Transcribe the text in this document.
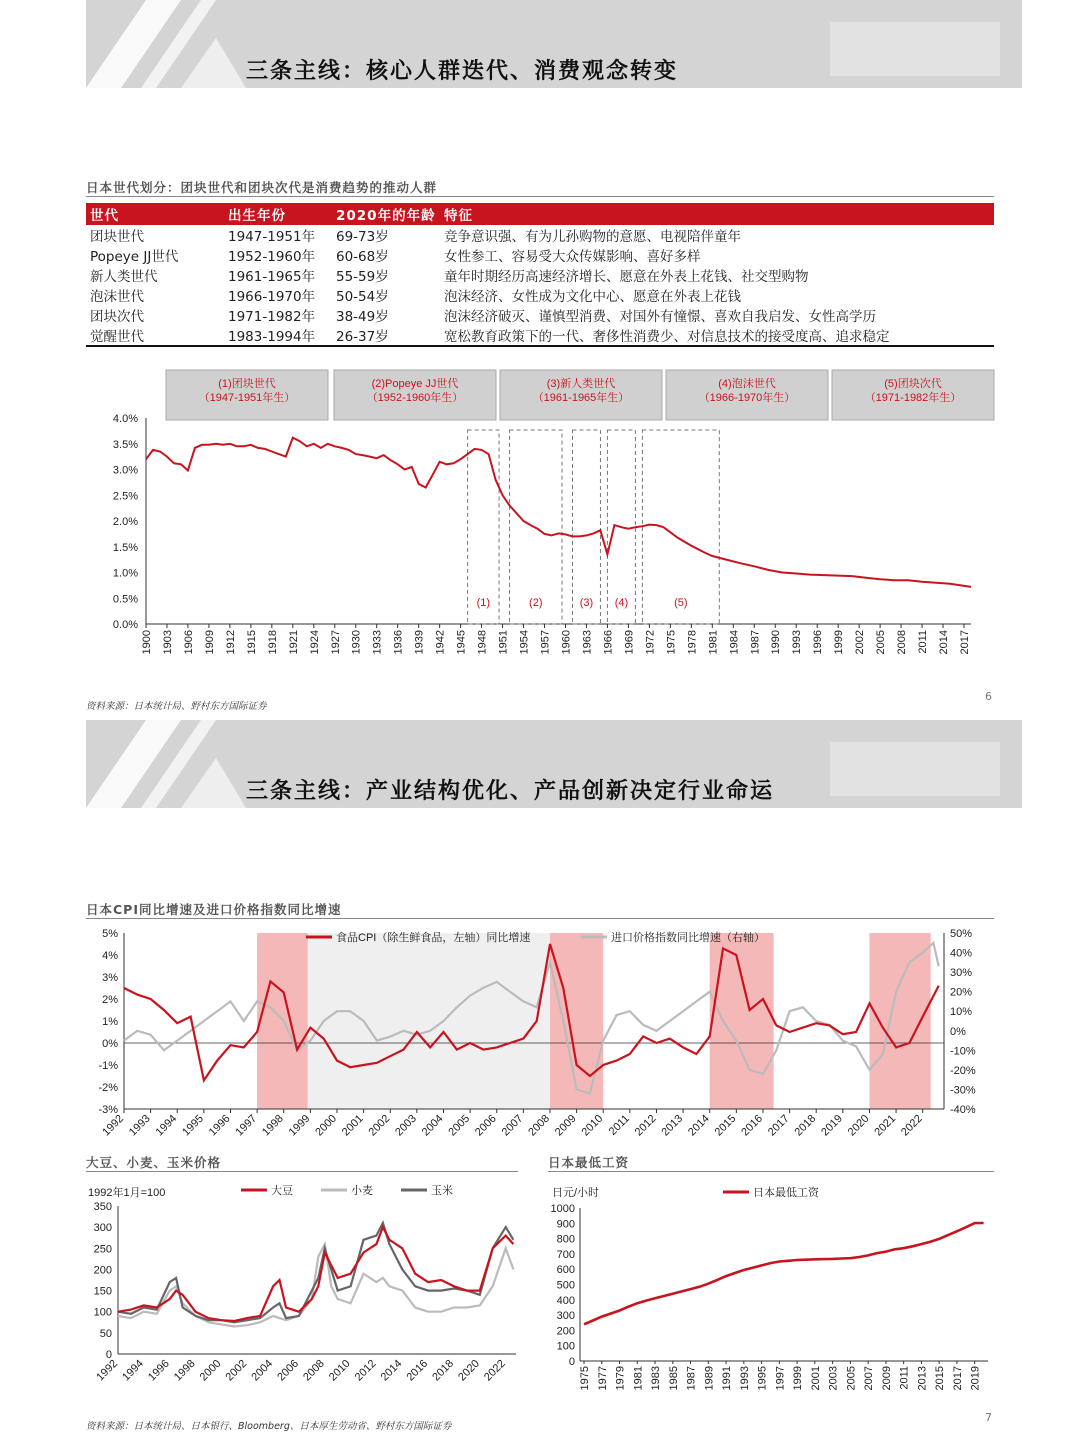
三条主线：核心人群迭代、消费观念转变
日本世代划分：团块世代和团块次代是消费趋势的推动人群
世代	出生年份	2020年的年龄	特征
团块世代	1947-1951年	69-73岁	竞争意识强、有为儿孙购物的意愿、电视陪伴童年
Popeye JJ世代	1952-1960年	60-68岁	女性参工、容易受大众传媒影响、喜好多样
新人类世代	1961-1965年	55-59岁	童年时期经历高速经济增长、愿意在外表上花钱、社交型购物
泡沫世代	1966-1970年	50-54岁	泡沫经济、女性成为文化中心、愿意在外表上花钱
团块次代	1971-1982年	38-49岁	泡沫经济破灭、谨慎型消费、对国外有憧憬、喜欢自我启发、女性高学历
觉醒世代	1983-1994年	26-37岁	宽松教育政策下的一代、奢侈性消费少、对信息技术的接受度高、追求稳定
(1)团块世代
（1947-1951年生）
(2)Popeye JJ世代
（1952-1960年生）
(3)新人类世代
（1961-1965年生）
(4)泡沫世代
（1966-1970年生）
(5)团块次代
（1971-1982年生）
0.0%
0.5%
1.0%
1.5%
2.0%
2.5%
3.0%
3.5%
4.0%
1900 1903 1906 1909 1912 1915 1918 1921 1924 1927 1930 1933 1936 1939 1942 1945 1948 1951 1954 1957 1960 1963 1966 1969 1972 1975 1978 1981 1984 1987 1990 1993 1996 1999 2002 2005 2008 2011 2014 2017
(1)	(2)	(3) (4)	(5)
资料来源：日本统计局、野村东方国际证券
6
三条主线：产业结构优化、产品创新决定行业命运
日本CPI同比增速及进口价格指数同比增速
5%
4%
3%
2%
1%
0%
-1%
-2%
-3%
50%
40%
30%
20%
10%
0%
-10%
-20%
-30%
-40%
1992 1993 1994 1995 1996 1997 1998 1999 2000 2001 2002 2003 2004 2005 2006 2007 2008 2009 2010 2011 2012 2013 2014 2015 2016 2017 2018 2019 2020 2021 2022
食品CPI（除生鲜食品，左轴）同比增速	进口价格指数同比增速（右轴）
大豆、小麦、玉米价格
1992年1月=100
0
50
100
150
200
250
300
350
1992 1994 1996 1998 2000 2002 2004 2006 2008 2010 2012 2014 2016 2018 2020 2022
大豆	小麦	玉米
日本最低工资
日元/小时
0
100
200
300
400
500
600
700
800
900
1000
1975 1977 1979 1981 1983 1985 1987 1989 1991 1993 1995 1997 1999 2001 2003 2005 2007 2009 2011 2013 2015 2017 2019
日本最低工资
资料来源：日本统计局、日本银行、Bloomberg、日本厚生劳动省、野村东方国际证券
7
